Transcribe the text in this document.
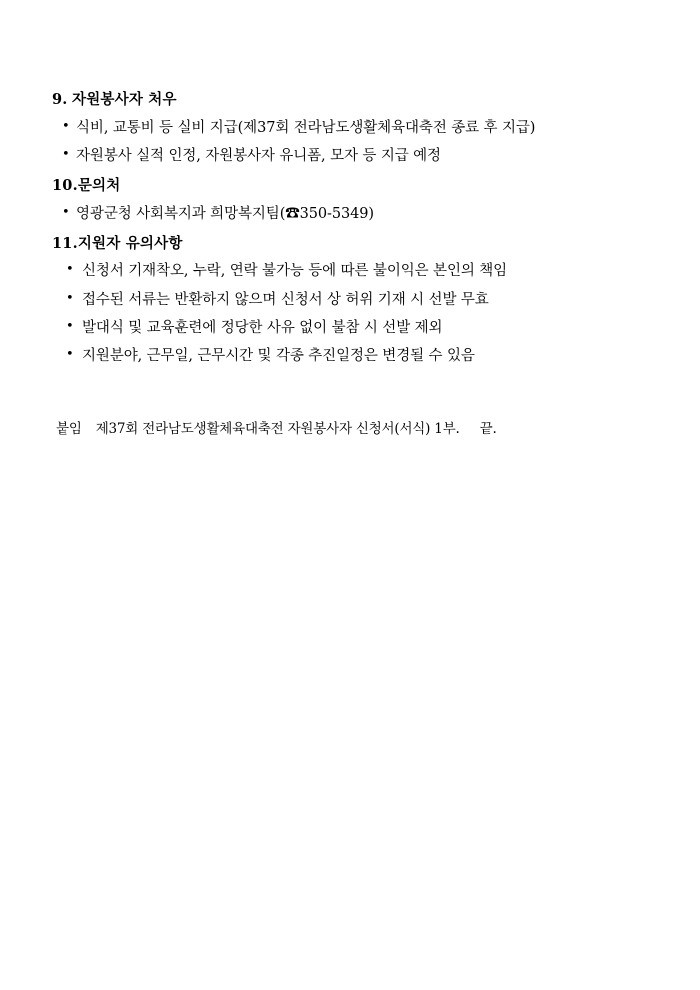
9. 자원봉사자 처우
• 식비, 교통비 등 실비 지급(제37회 전라남도생활체육대축전 종료 후 지급)
• 자원봉사 실적 인정, 자원봉사자 유니폼, 모자 등 지급 예정
10.문의처
• 영광군청 사회복지과 희망복지팀(☎350-5349)
11.지원자 유의사항
• 신청서 기재착오, 누락, 연락 불가능 등에 따른 불이익은 본인의 책임
• 접수된 서류는 반환하지 않으며 신청서 상 허위 기재 시 선발 무효
• 발대식 및 교육훈련에 정당한 사유 없이 불참 시 선발 제외
• 지원분야, 근무일, 근무시간 및 각종 추진일정은 변경될 수 있음
붙임 제37회 전라남도생활체육대축전 자원봉사자 신청서(서식) 1부. 끝.
